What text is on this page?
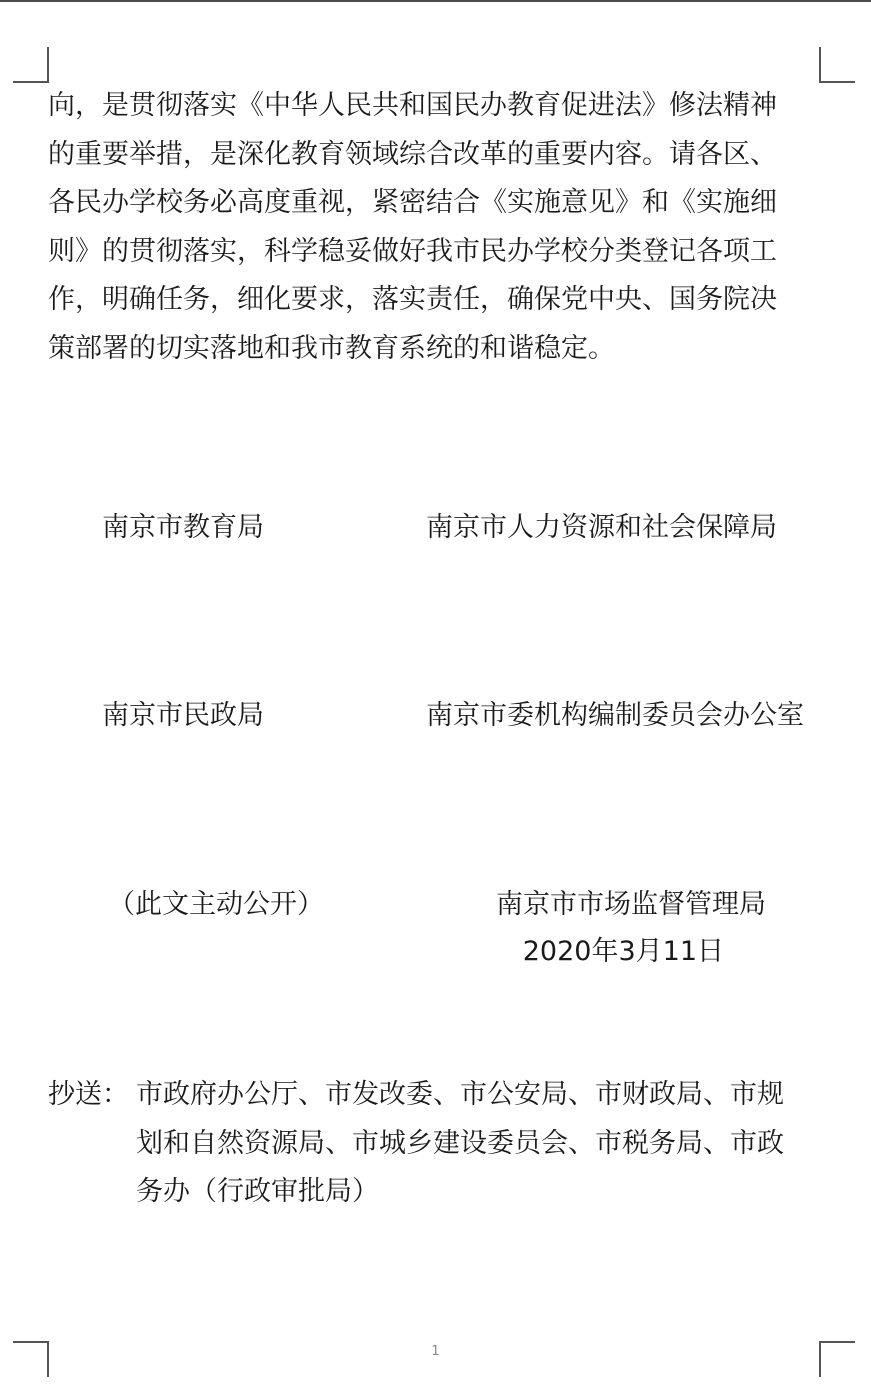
向，是贯彻落实《中华人民共和国民办教育促进法》修法精神
的重要举措，是深化教育领域综合改革的重要内容。请各区、
各民办学校务必高度重视，紧密结合《实施意见》和《实施细
则》的贯彻落实，科学稳妥做好我市民办学校分类登记各项工
作，明确任务，细化要求，落实责任，确保党中央、国务院决
策部署的切实落地和我市教育系统的和谐稳定。
南京市教育局	南京市人力资源和社会保障局
南京市民政局	南京市委机构编制委员会办公室
（此文主动公开）	南京市市场监督管理局
2020年3月11日
抄送： 市政府办公厅、市发改委、市公安局、市财政局、市规
划和自然资源局、市城乡建设委员会、市税务局、市政
务办（行政审批局）
1
